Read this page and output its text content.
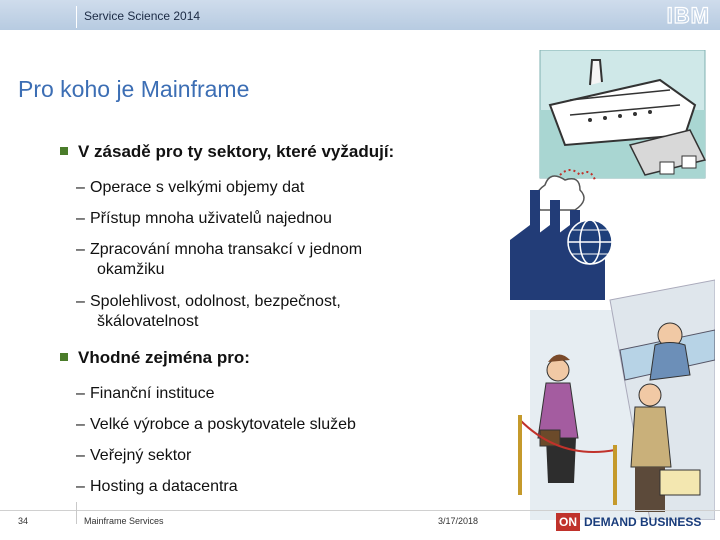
Service Science 2014	IBM
Pro koho je Mainframe
V zásadě pro ty sektory, které vyžadují:
– Operace s velkými objemy dat
– Přístup mnoha uživatelů najednou
– Zpracování mnoha transakcí v jednom
okamžiku
– Spolehlivost, odolnost, bezpečnost,
škálovatelnost
Vhodné zejména pro:
– Finanční instituce
– Velké výrobce a poskytovatele služeb
– Veřejný sektor
– Hosting a datacentra
34	Mainframe Services	3/17/2018	ON DEMAND BUSINESS
